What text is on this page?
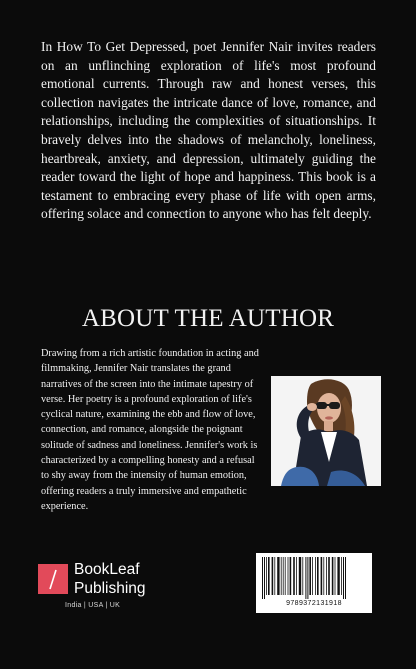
In How To Get Depressed, poet Jennifer Nair invites readers on an unflinching exploration of life's most profound emotional currents. Through raw and honest verses, this collection navigates the intricate dance of love, romance, and relationships, including the complexities of situationships. It bravely delves into the shadows of melancholy, loneliness, heartbreak, anxiety, and depression, ultimately guiding the reader toward the light of hope and happiness. This book is a testament to embracing every phase of life with open arms, offering solace and connection to anyone who has felt deeply.

ABOUT THE AUTHOR

Drawing from a rich artistic foundation in acting and filmmaking, Jennifer Nair translates the grand narratives of the screen into the intimate tapestry of verse. Her poetry is a profound exploration of life's cyclical nature, examining the ebb and flow of love, connection, and romance, alongside the poignant solitude of sadness and loneliness. Jennifer's work is characterized by a compelling honesty and a refusal to shy away from the intensity of human emotion, offering readers a truly immersive and empathetic experience.

BookLeaf
Publishing
India | USA | UK	9789372131918
